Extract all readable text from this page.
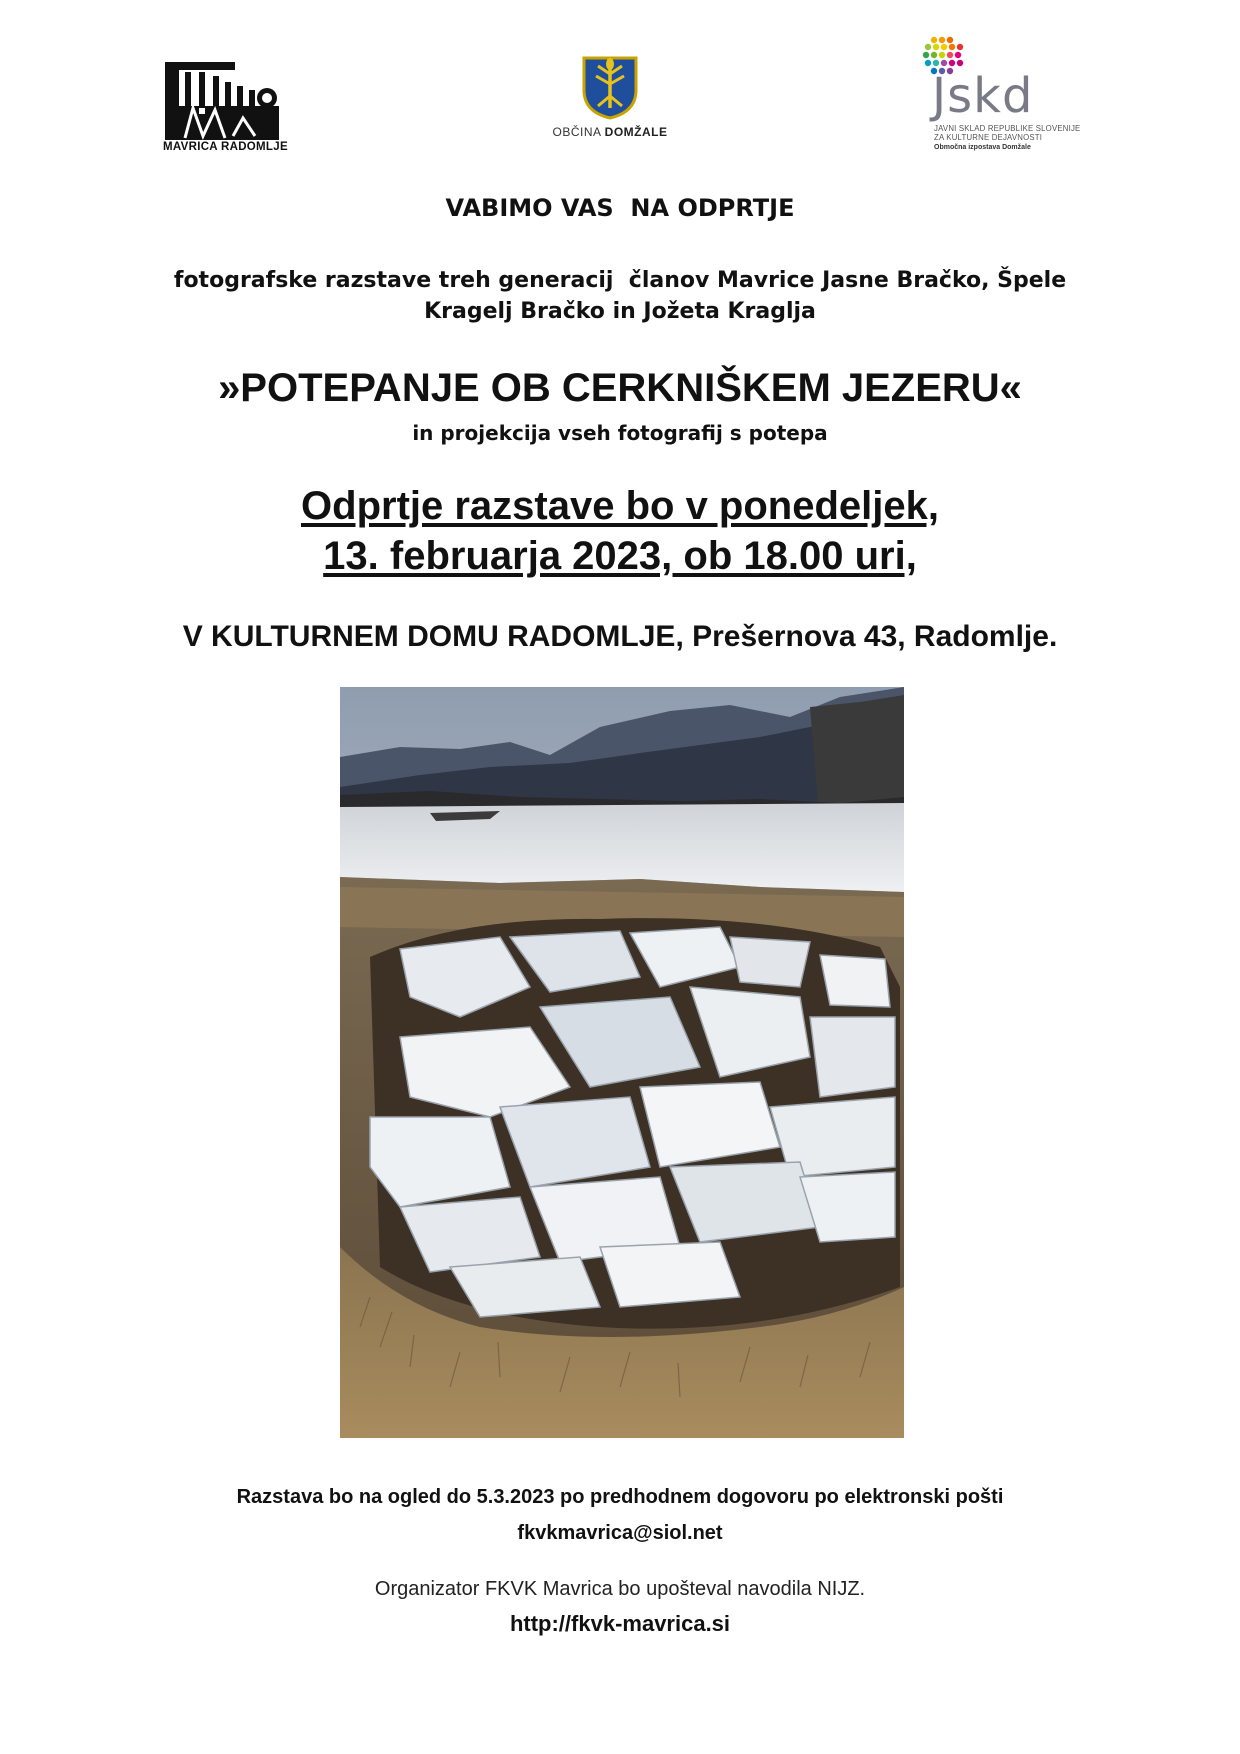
MAVRICA RADOMLJE
OBČINA DOMŽALE
Jskd
JAVNI SKLAD REPUBLIKE SLOVENIJE
ZA KULTURNE DEJAVNOSTI
Območna izpostava Domžale
VABIMO VAS  NA ODPRTJE
fotografske razstave treh generacij  članov Mavrice Jasne Bračko, Špele
Kragelj Bračko in Jožeta Kraglja
»POTEPANJE OB CERKNIŠKEM JEZERU«
in projekcija vseh fotografij s potepa
Odprtje razstave bo v ponedeljek,
13. februarja 2023, ob 18.00 uri,
V KULTURNEM DOMU RADOMLJE, Prešernova 43, Radomlje.
Razstava bo na ogled do 5.3.2023 po predhodnem dogovoru po elektronski pošti
fkvkmavrica@siol.net
Organizator FKVK Mavrica bo upošteval navodila NIJZ.
http://fkvk-mavrica.si
